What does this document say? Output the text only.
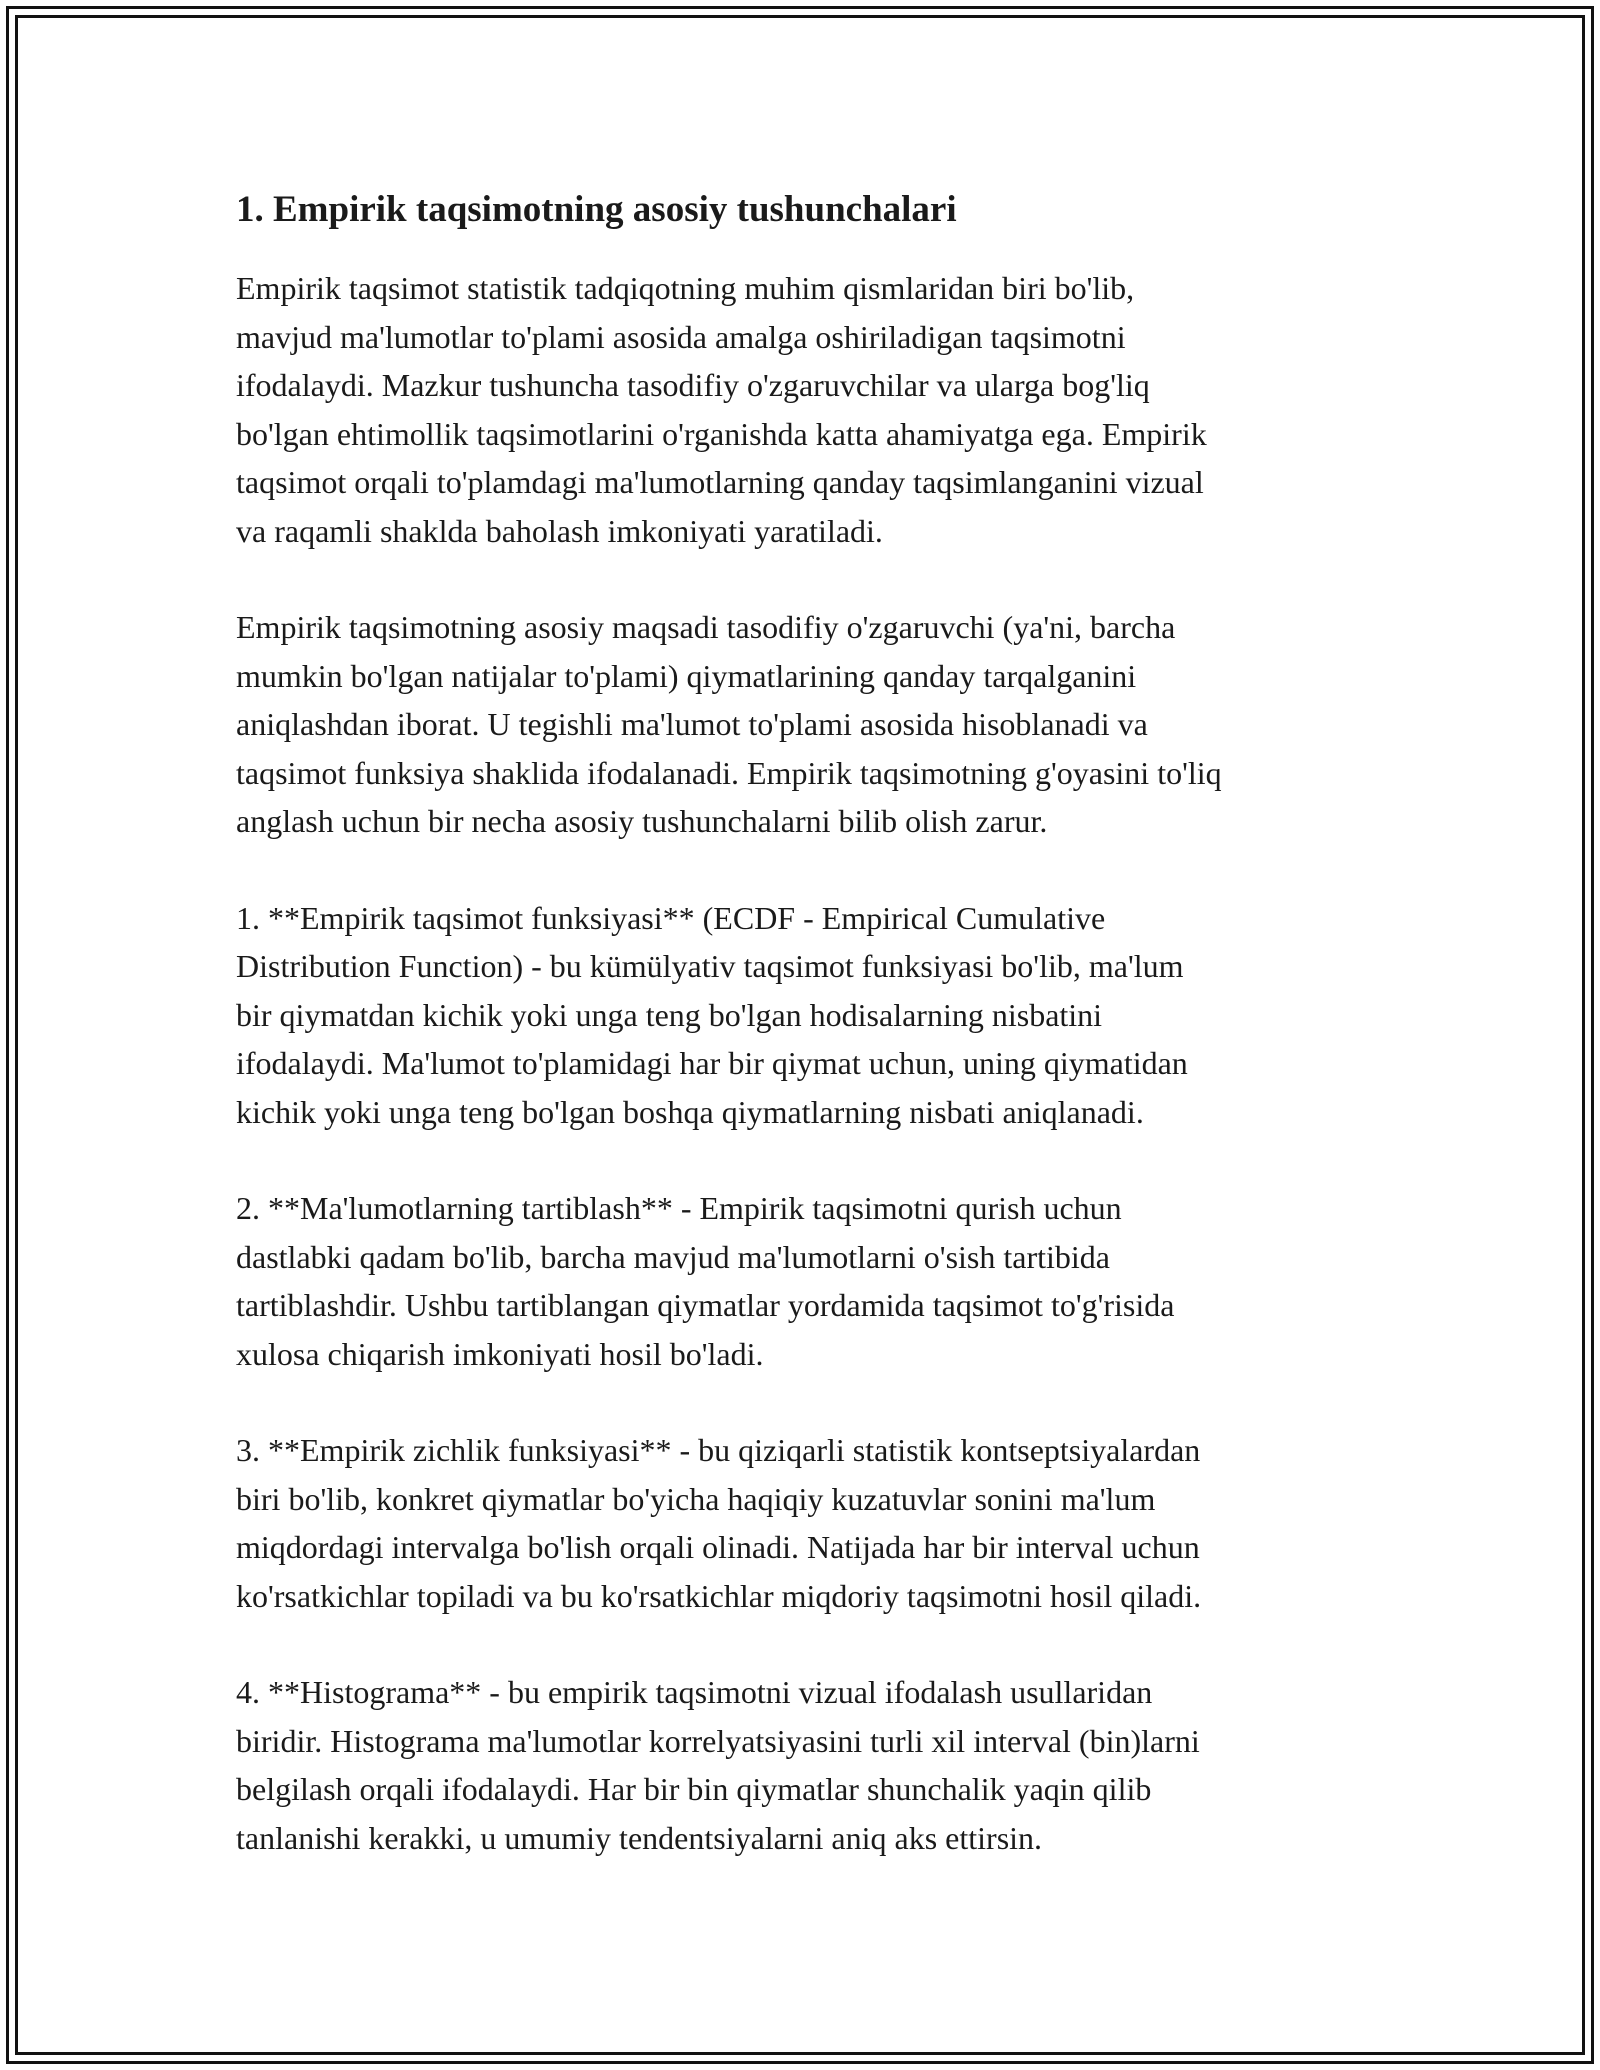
1. Empirik taqsimotning asosiy tushunchalari

Empirik taqsimot statistik tadqiqotning muhim qismlaridan biri bo'lib,
mavjud ma'lumotlar to'plami asosida amalga oshiriladigan taqsimotni
ifodalaydi. Mazkur tushuncha tasodifiy o'zgaruvchilar va ularga bog'liq
bo'lgan ehtimollik taqsimotlarini o'rganishda katta ahamiyatga ega. Empirik
taqsimot orqali to'plamdagi ma'lumotlarning qanday taqsimlanganini vizual
va raqamli shaklda baholash imkoniyati yaratiladi.

Empirik taqsimotning asosiy maqsadi tasodifiy o'zgaruvchi (ya'ni, barcha
mumkin bo'lgan natijalar to'plami) qiymatlarining qanday tarqalganini
aniqlashdan iborat. U tegishli ma'lumot to'plami asosida hisoblanadi va
taqsimot funksiya shaklida ifodalanadi. Empirik taqsimotning g'oyasini to'liq
anglash uchun bir necha asosiy tushunchalarni bilib olish zarur.

1. **Empirik taqsimot funksiyasi** (ECDF - Empirical Cumulative
Distribution Function) - bu kümülyativ taqsimot funksiyasi bo'lib, ma'lum
bir qiymatdan kichik yoki unga teng bo'lgan hodisalarning nisbatini
ifodalaydi. Ma'lumot to'plamidagi har bir qiymat uchun, uning qiymatidan
kichik yoki unga teng bo'lgan boshqa qiymatlarning nisbati aniqlanadi.

2. **Ma'lumotlarning tartiblash** - Empirik taqsimotni qurish uchun
dastlabki qadam bo'lib, barcha mavjud ma'lumotlarni o'sish tartibida
tartiblashdir. Ushbu tartiblangan qiymatlar yordamida taqsimot to'g'risida
xulosa chiqarish imkoniyati hosil bo'ladi.

3. **Empirik zichlik funksiyasi** - bu qiziqarli statistik kontseptsiyalardan
biri bo'lib, konkret qiymatlar bo'yicha haqiqiy kuzatuvlar sonini ma'lum
miqdordagi intervalga bo'lish orqali olinadi. Natijada har bir interval uchun
ko'rsatkichlar topiladi va bu ko'rsatkichlar miqdoriy taqsimotni hosil qiladi.

4. **Histograma** - bu empirik taqsimotni vizual ifodalash usullaridan
biridir. Histograma ma'lumotlar korrelyatsiyasini turli xil interval (bin)larni
belgilash orqali ifodalaydi. Har bir bin qiymatlar shunchalik yaqin qilib
tanlanishi kerakki, u umumiy tendentsiyalarni aniq aks ettirsin.
